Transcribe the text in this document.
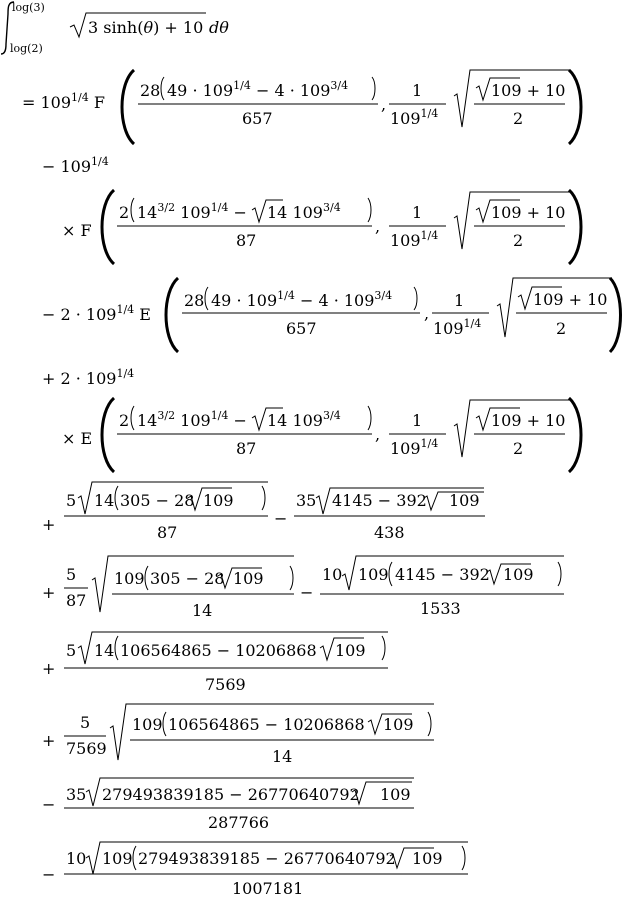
log(3)
log(2)
3 sinh(θ) + 10 dθ
= $109^{1/4}$ F
28 $49 \cdot 109^{1/4} - 4 \cdot 109^{3/4}$
657
,
1
$109^{1/4}$
109 + 10
2
− $109^{1/4}$
× F
2 $14^{3/2}$ $109^{1/4} - 14$ $109^{3/4}$
87
,
1
$109^{1/4}$
109 + 10
2
− $2 \cdot 109^{1/4}$ E
28 $49 \cdot 109^{1/4} - 4 \cdot 109^{3/4}$
657
,
1
$109^{1/4}$
109 + 10
2
+ $2 \cdot 109^{1/4}$
× E
2 $14^{3/2}$ $109^{1/4} - 14$ $109^{3/4}$
87
,
1
$109^{1/4}$
109 + 10
2
+
5 14 305 − 28 109
87
−
35 4145 − 392 109
438
+
5
87
109 305 − 28 109
14
−
10 109 4145 − 392 109
1533
+
5 14 106564865 − 10206868 109
7569
+
5
7569
109 106564865 − 10206868 109
14
−
35 279493839185 − 26770640792 109
287766
−
10 109 279493839185 − 26770640792 109
1007181
